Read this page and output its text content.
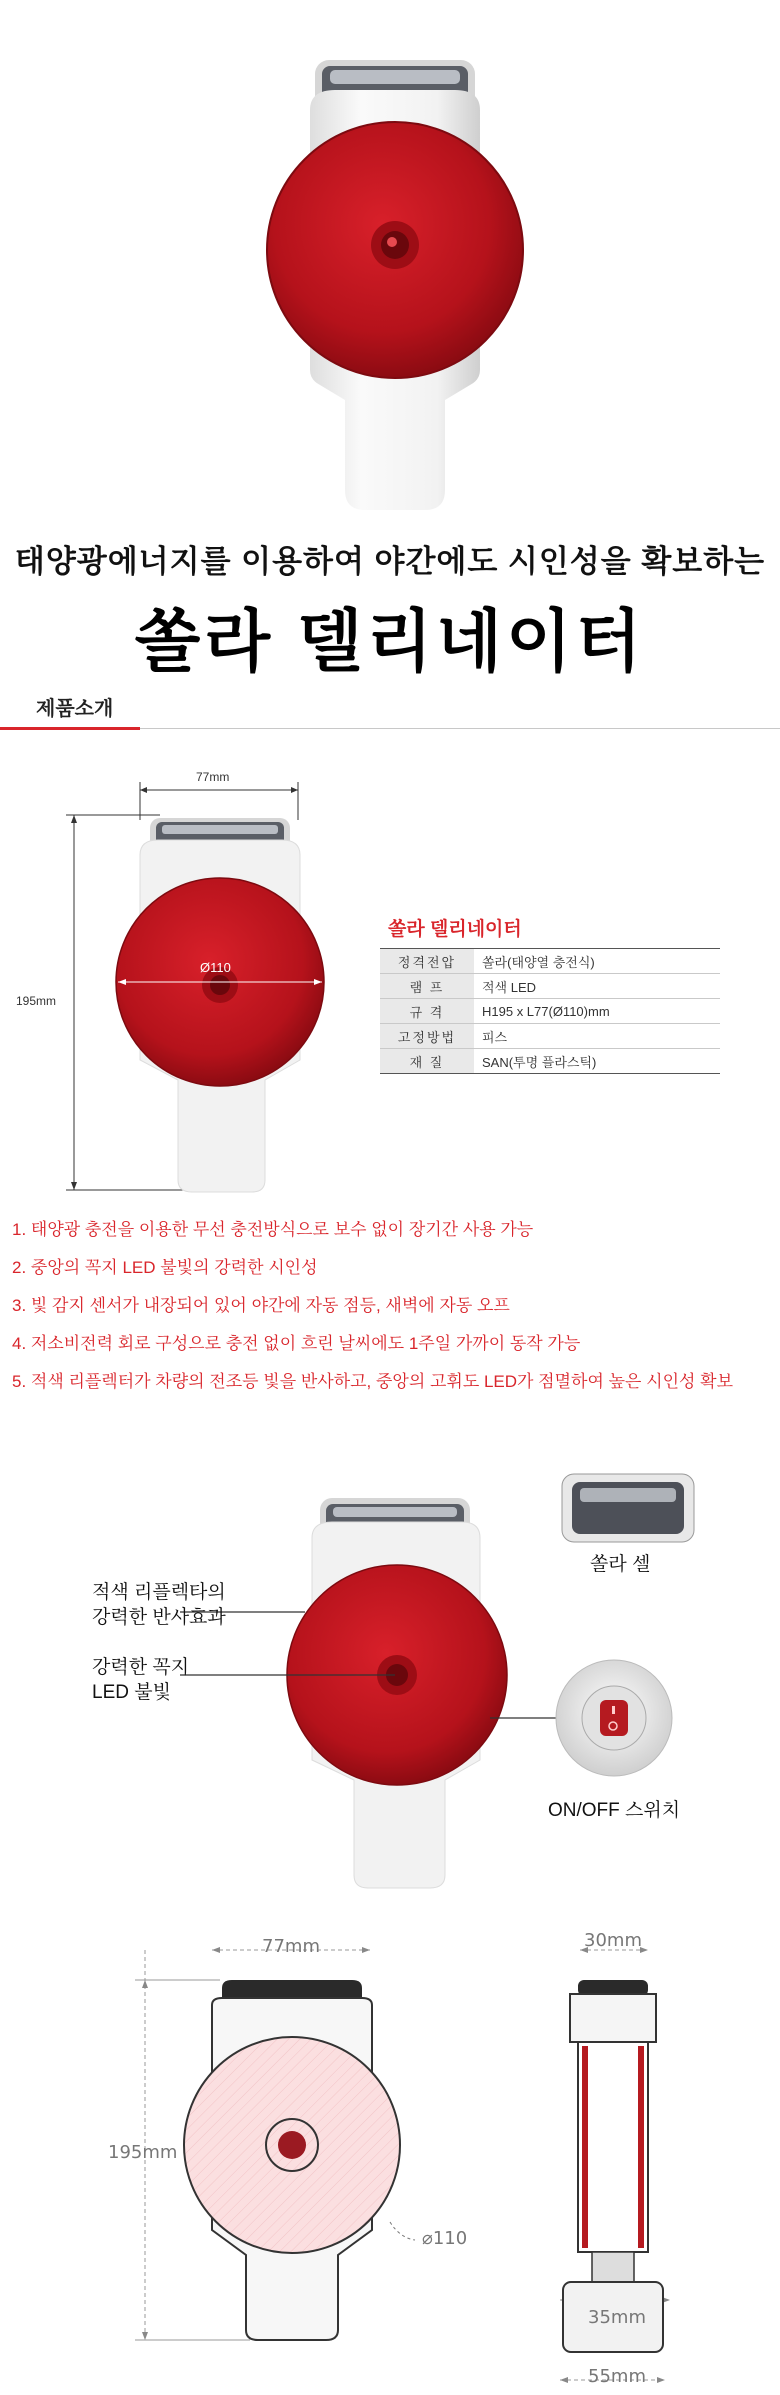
태양광에너지를 이용하여 야간에도 시인성을 확보하는
쏠라 델리네이터
제품소개
77mm
195mm
Ø110
쏠라 델리네이터
정격전압	쏠라(태양열 충전식)
램 프	적색 LED
규 격	H195 x L77(Ø110)mm
고정방법	피스
재 질	SAN(투명 플라스틱)
1. 태양광 충전을 이용한 무선 충전방식으로 보수 없이 장기간 사용 가능
2. 중앙의 꼭지 LED 불빛의 강력한 시인성
3. 빛 감지 센서가 내장되어 있어 야간에 자동 점등, 새벽에 자동 오프
4. 저소비전력 회로 구성으로 충전 없이 흐린 날씨에도 1주일 가까이 동작 가능
5. 적색 리플렉터가 차량의 전조등 빛을 반사하고, 중앙의 고휘도 LED가 점멸하여 높은 시인성 확보
적색 리플렉타의
강력한 반사효과
강력한 꼭지
LED 불빛
쏠라 셀
ON/OFF 스위치
77mm
195mm
⌀110
30mm
35mm
55mm
